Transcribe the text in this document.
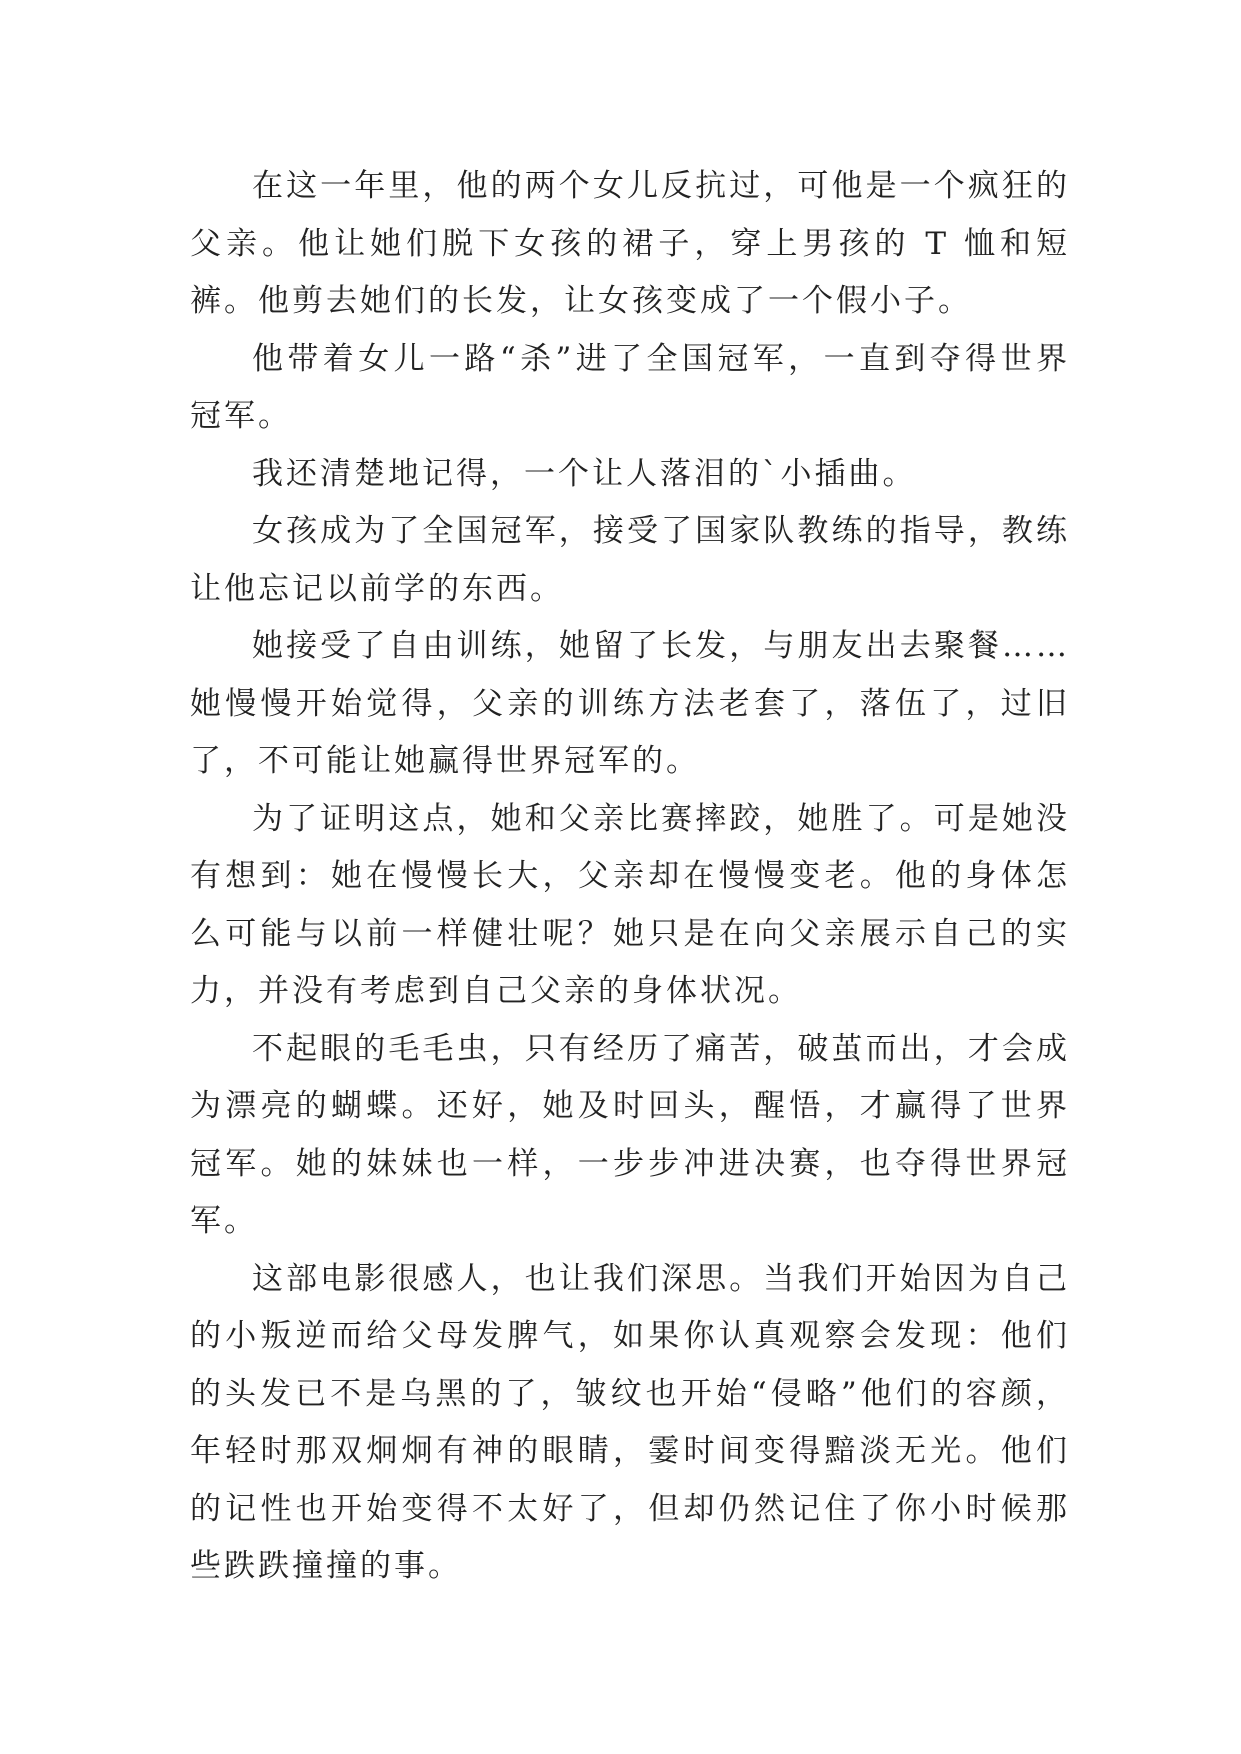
在这一年里，他的两个女儿反抗过，可他是一个疯狂的父亲。他让她们脱下女孩的裙子，穿上男孩的 T 恤和短裤。他剪去她们的长发，让女孩变成了一个假小子。

他带着女儿一路“杀”进了全国冠军，一直到夺得世界冠军。

我还清楚地记得，一个让人落泪的`小插曲。

女孩成为了全国冠军，接受了国家队教练的指导，教练让他忘记以前学的东西。

她接受了自由训练，她留了长发，与朋友出去聚餐……她慢慢开始觉得，父亲的训练方法老套了，落伍了，过旧了，不可能让她赢得世界冠军的。

为了证明这点，她和父亲比赛摔跤，她胜了。可是她没有想到：她在慢慢长大，父亲却在慢慢变老。他的身体怎么可能与以前一样健壮呢？她只是在向父亲展示自己的实力，并没有考虑到自己父亲的身体状况。

不起眼的毛毛虫，只有经历了痛苦，破茧而出，才会成为漂亮的蝴蝶。还好，她及时回头，醒悟，才赢得了世界冠军。她的妹妹也一样，一步步冲进决赛，也夺得世界冠军。

这部电影很感人，也让我们深思。当我们开始因为自己的小叛逆而给父母发脾气，如果你认真观察会发现：他们的头发已不是乌黑的了，皱纹也开始“侵略”他们的容颜，年轻时那双炯炯有神的眼睛，霎时间变得黯淡无光。他们的记性也开始变得不太好了，但却仍然记住了你小时候那些跌跌撞撞的事。
